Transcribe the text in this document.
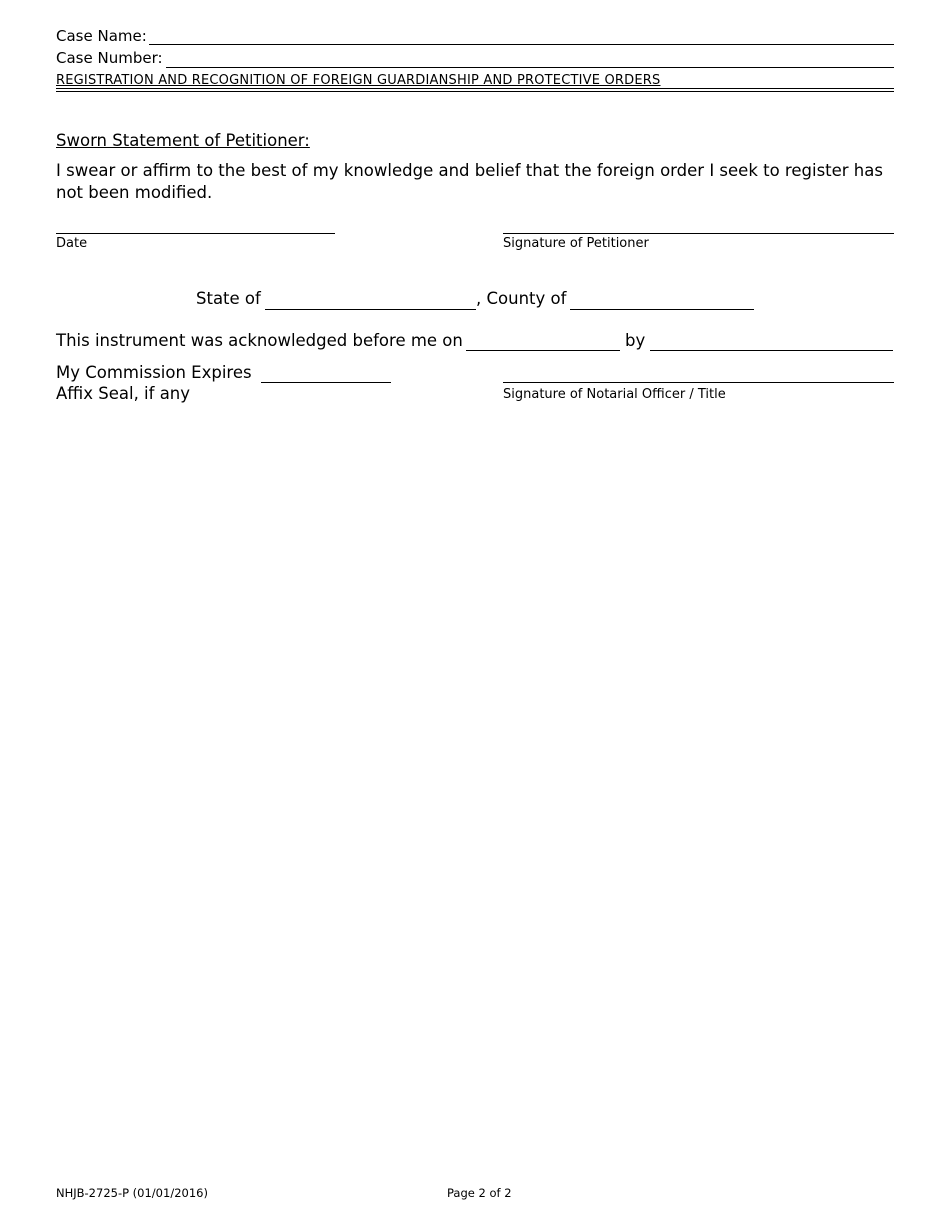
Case Name:
Case Number:
REGISTRATION AND RECOGNITION OF FOREIGN GUARDIANSHIP AND PROTECTIVE ORDERS
Sworn Statement of Petitioner:
I swear or affirm to the best of my knowledge and belief that the foreign order I seek to register has not been modified.
Date	Signature of Petitioner
State of	, County of
This instrument was acknowledged before me on	by
My Commission Expires
Affix Seal, if any	Signature of Notarial Officer / Title
NHJB-2725-P (01/01/2016)	Page 2 of 2
